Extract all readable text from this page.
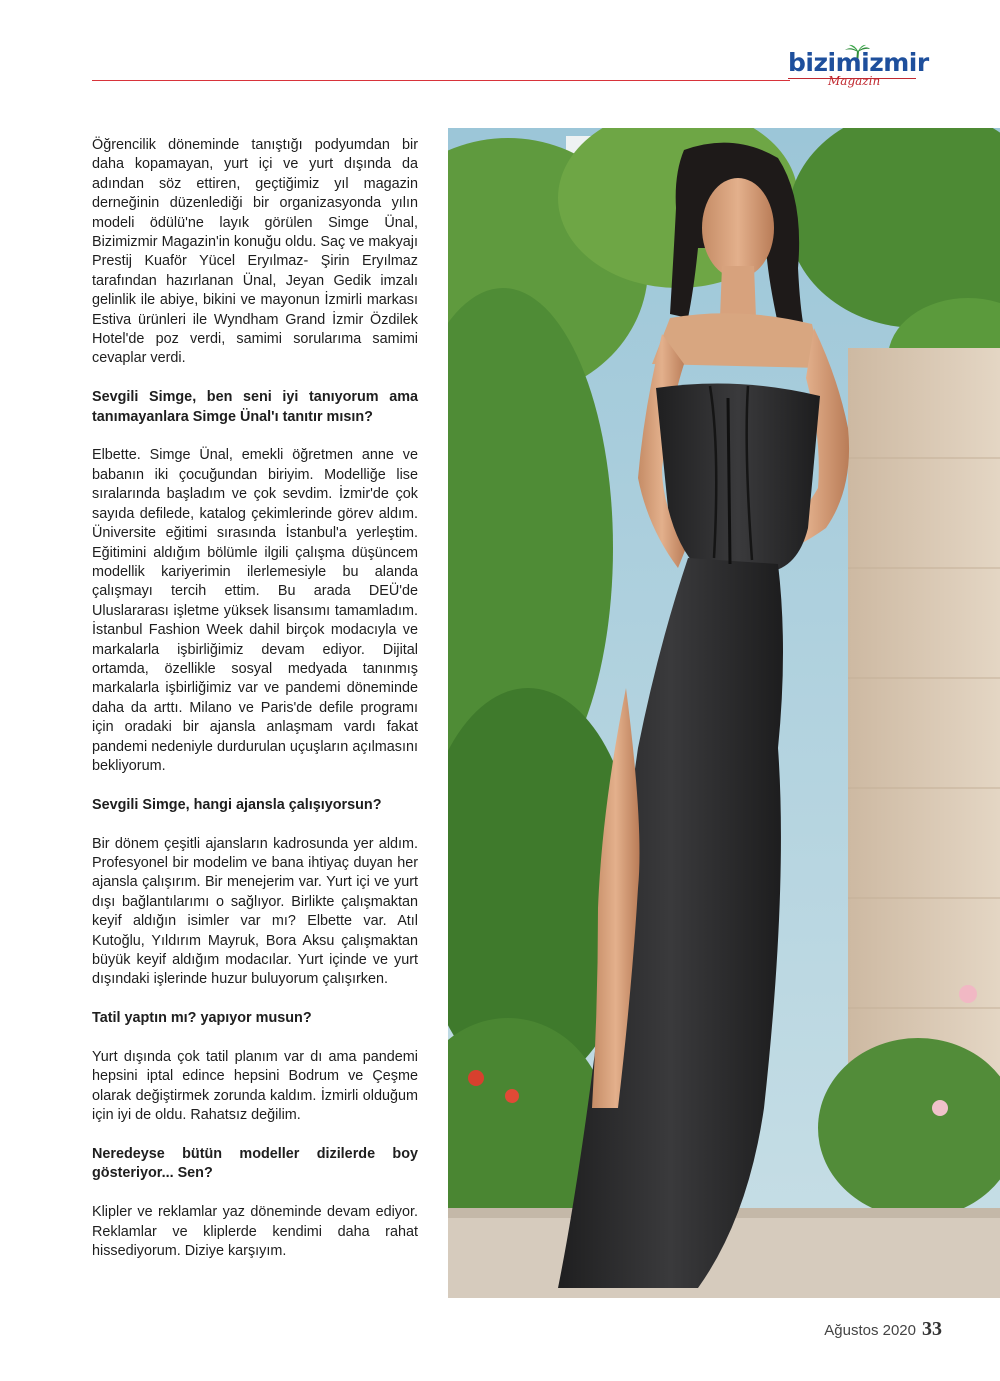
bizimizmir
Magazin

Öğrencilik döneminde tanıştığı podyumdan bir daha kopamayan, yurt içi ve yurt dışında da adından söz ettiren, geçtiğimiz yıl magazin derneğinin düzenlediği bir organizasyonda yılın modeli ödülü'ne layık görülen Simge Ünal, Bizimizmir Magazin'in konuğu oldu. Saç ve makyajı Prestij Kuaför Yücel Eryılmaz- Şirin Eryılmaz tarafından hazırlanan Ünal, Jeyan Gedik imzalı gelinlik ile abiye, bikini ve mayonun İzmirli markası Estiva ürünleri ile Wyndham Grand İzmir Özdilek Hotel'de poz verdi, samimi sorularıma samimi cevaplar verdi.

Sevgili Simge, ben seni iyi tanıyorum ama tanımayanlara Simge Ünal'ı tanıtır mısın?

Elbette. Simge Ünal, emekli öğretmen anne ve babanın iki çocuğundan biriyim. Modelliğe lise sıralarında başladım ve çok sevdim. İzmir'de çok sayıda defilede, katalog çekimlerinde görev aldım. Üniversite eğitimi sırasında İstanbul'a yerleştim. Eğitimini aldığım bölümle ilgili çalışma düşüncem modellik kariyerimin ilerlemesiyle bu alanda çalışmayı tercih ettim. Bu arada DEÜ'de Uluslararası işletme yüksek lisansımı tamamladım. İstanbul Fashion Week dahil birçok modacıyla ve markalarla işbirliğimiz devam ediyor. Dijital ortamda, özellikle sosyal medyada tanınmış markalarla işbirliğimiz var ve pandemi döneminde daha da arttı. Milano ve Paris'de defile programı için oradaki bir ajansla anlaşmam vardı fakat pandemi nedeniyle durdurulan uçuşların açılmasını bekliyorum.

Sevgili Simge, hangi ajansla çalışıyorsun?

Bir dönem çeşitli ajansların kadrosunda yer aldım. Profesyonel bir modelim ve bana ihtiyaç duyan her ajansla çalışırım. Bir menejerim var. Yurt içi ve yurt dışı bağlantılarımı o sağlıyor. Birlikte çalışmaktan keyif aldığın isimler var mı? Elbette var. Atıl Kutoğlu, Yıldırım Mayruk, Bora Aksu çalışmaktan büyük keyif aldığım modacılar. Yurt içinde ve yurt dışındaki işlerinde huzur buluyorum çalışırken.

Tatil yaptın mı? yapıyor musun?

Yurt dışında çok tatil planım var dı ama pandemi hepsini iptal edince hepsini Bodrum ve Çeşme olarak değiştirmek zorunda kaldım. İzmirli olduğum için iyi de oldu. Rahatsız değilim.

Neredeyse bütün modeller dizilerde boy gösteriyor... Sen?

Klipler ve reklamlar yaz döneminde devam ediyor. Reklamlar ve kliplerde kendimi daha rahat hissediyorum. Diziye karşıyım.

Ağustos 2020 33
